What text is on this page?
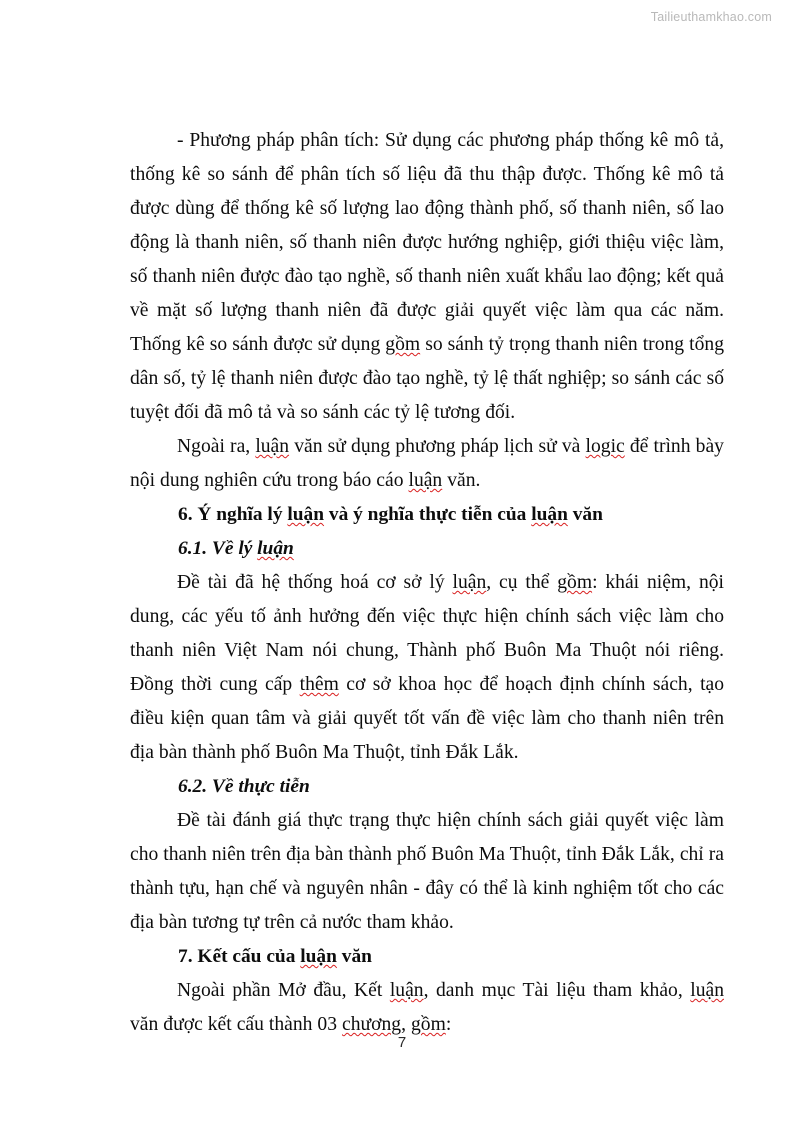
Tailieuthamkhao.com

- Phương pháp phân tích: Sử dụng các phương pháp thống kê mô tả, thống kê so sánh để phân tích số liệu đã thu thập được. Thống kê mô tả được dùng để thống kê số lượng lao động thành phố, số thanh niên, số lao động là thanh niên, số thanh niên được hướng nghiệp, giới thiệu việc làm, số thanh niên được đào tạo nghề, số thanh niên xuất khẩu lao động; kết quả về mặt số lượng thanh niên đã được giải quyết việc làm qua các năm. Thống kê so sánh được sử dụng gồm so sánh tỷ trọng thanh niên trong tổng dân số, tỷ lệ thanh niên được đào tạo nghề, tỷ lệ thất nghiệp; so sánh các số tuyệt đối đã mô tả và so sánh các tỷ lệ tương đối.

Ngoài ra, luận văn sử dụng phương pháp lịch sử và logic để trình bày nội dung nghiên cứu trong báo cáo luận văn.

6. Ý nghĩa lý luận và ý nghĩa thực tiễn của luận văn
6.1. Về lý luận

Đề tài đã hệ thống hoá cơ sở lý luận, cụ thể gồm: khái niệm, nội dung, các yếu tố ảnh hưởng đến việc thực hiện chính sách việc làm cho thanh niên Việt Nam nói chung, Thành phố Buôn Ma Thuột nói riêng. Đồng thời cung cấp thêm cơ sở khoa học để hoạch định chính sách, tạo điều kiện quan tâm và giải quyết tốt vấn đề việc làm cho thanh niên trên địa bàn thành phố Buôn Ma Thuột, tỉnh Đắk Lắk.

6.2. Về thực tiễn

Đề tài đánh giá thực trạng thực hiện chính sách giải quyết việc làm cho thanh niên trên địa bàn thành phố Buôn Ma Thuột, tỉnh Đắk Lắk, chỉ ra thành tựu, hạn chế và nguyên nhân - đây có thể là kinh nghiệm tốt cho các địa bàn tương tự trên cả nước tham khảo.

7. Kết cấu của luận văn

Ngoài phần Mở đầu, Kết luận, danh mục Tài liệu tham khảo, luận văn được kết cấu thành 03 chương, gồm:

7
